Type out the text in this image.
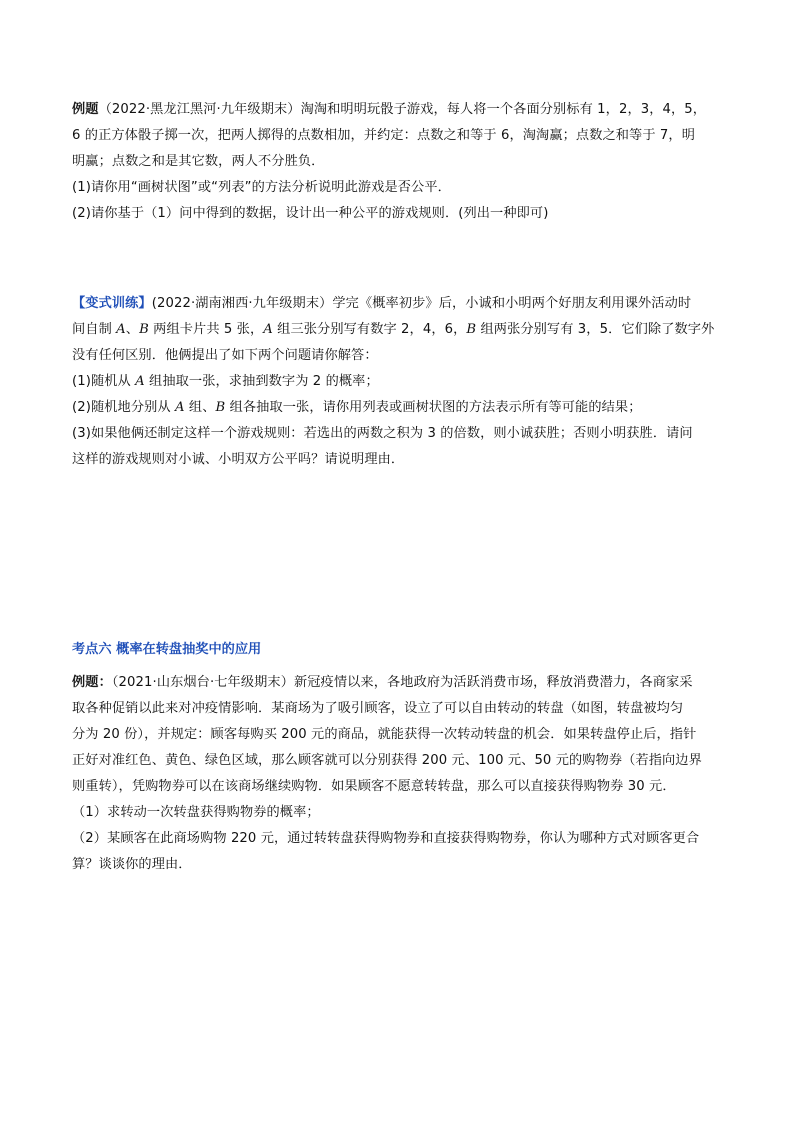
例题（2022·黑龙江黑河·九年级期末）淘淘和明明玩骰子游戏，每人将一个各面分别标有 1，2，3，4，5，
6 的正方体骰子掷一次，把两人掷得的点数相加，并约定：点数之和等于 6，淘淘赢；点数之和等于 7，明
明赢；点数之和是其它数，两人不分胜负．
(1)请你用“画树状图”或“列表”的方法分析说明此游戏是否公平．
(2)请你基于（1）问中得到的数据，设计出一种公平的游戏规则．(列出一种即可)
【变式训练】(2022·湖南湘西·九年级期末）学完《概率初步》后，小诚和小明两个好朋友利用课外活动时
间自制 A、B 两组卡片共 5 张，A 组三张分别写有数字 2，4，6，B 组两张分别写有 3，5．它们除了数字外
没有任何区别．他俩提出了如下两个问题请你解答：
(1)随机从 A 组抽取一张，求抽到数字为 2 的概率；
(2)随机地分别从 A 组、B 组各抽取一张，请你用列表或画树状图的方法表示所有等可能的结果；
(3)如果他俩还制定这样一个游戏规则：若选出的两数之积为 3 的倍数，则小诚获胜；否则小明获胜．请问
这样的游戏规则对小诚、小明双方公平吗？请说明理由．
考点六 概率在转盘抽奖中的应用
例题：（2021·山东烟台·七年级期末）新冠疫情以来，各地政府为活跃消费市场，释放消费潜力，各商家采
取各种促销以此来对冲疫情影响．某商场为了吸引顾客，设立了可以自由转动的转盘（如图，转盘被均匀
分为 20 份），并规定：顾客每购买 200 元的商品，就能获得一次转动转盘的机会．如果转盘停止后，指针
正好对准红色、黄色、绿色区域，那么顾客就可以分别获得 200 元、100 元、50 元的购物券（若指向边界
则重转），凭购物券可以在该商场继续购物．如果顾客不愿意转转盘，那么可以直接获得购物券 30 元．
（1）求转动一次转盘获得购物券的概率；
（2）某顾客在此商场购物 220 元，通过转转盘获得购物券和直接获得购物券，你认为哪种方式对顾客更合
算？谈谈你的理由．
